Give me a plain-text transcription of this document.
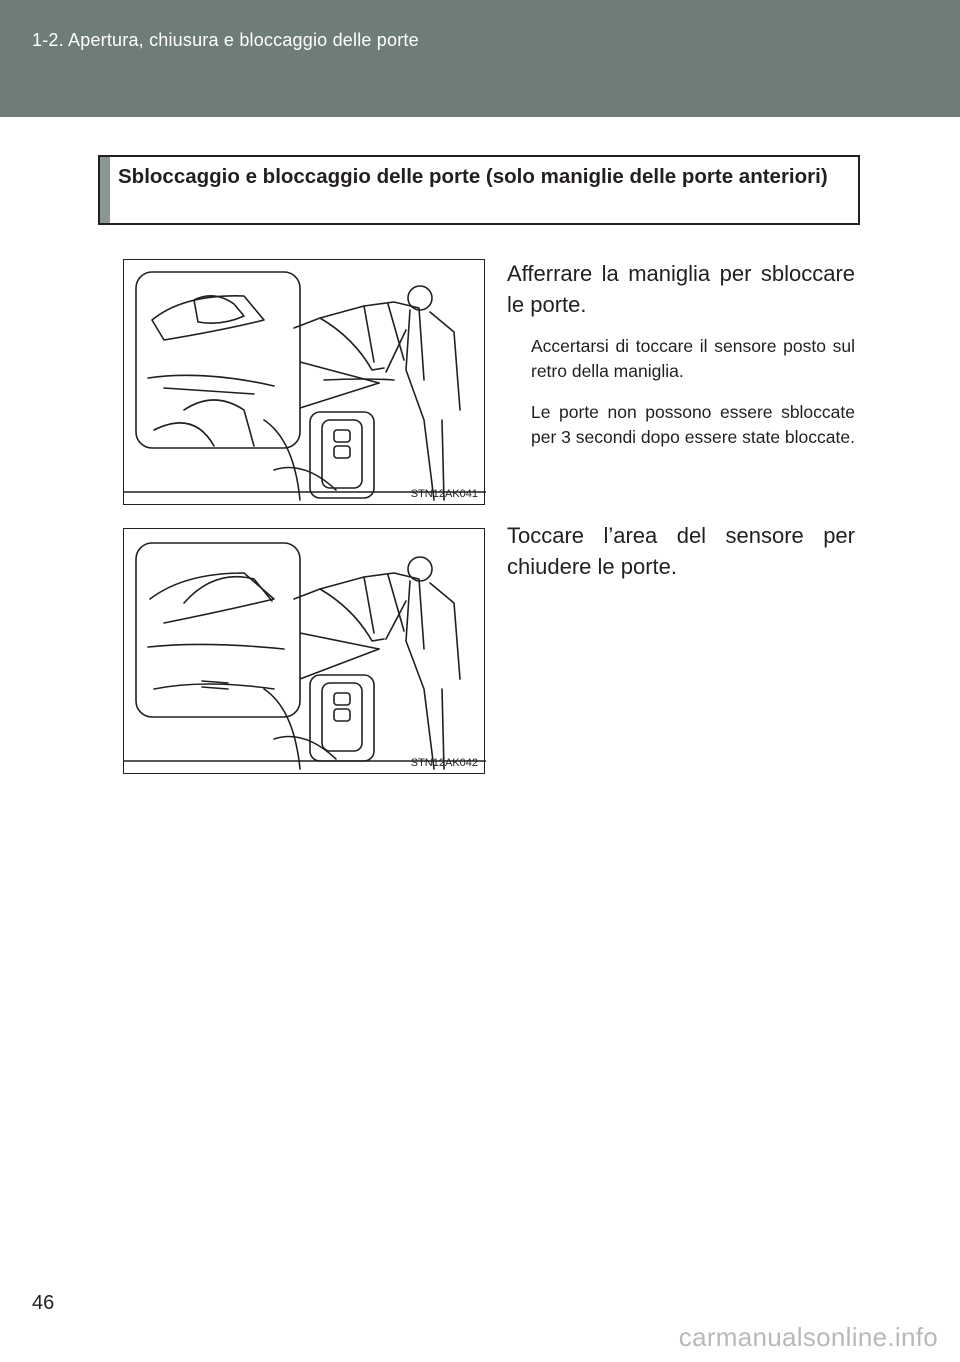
1-2. Apertura, chiusura e bloccaggio delle porte
Sbloccaggio e bloccaggio delle porte (solo maniglie delle porte anteriori)
STN12AK041
STN12AK042
Afferrare la maniglia per sbloccare le porte.
Accertarsi di toccare il sensore posto sul retro della maniglia.
Le porte non possono essere sbloccate per 3 secondi dopo essere state bloccate.
Toccare l’area del sensore per chiudere le porte.
46
carmanualsonline.info
